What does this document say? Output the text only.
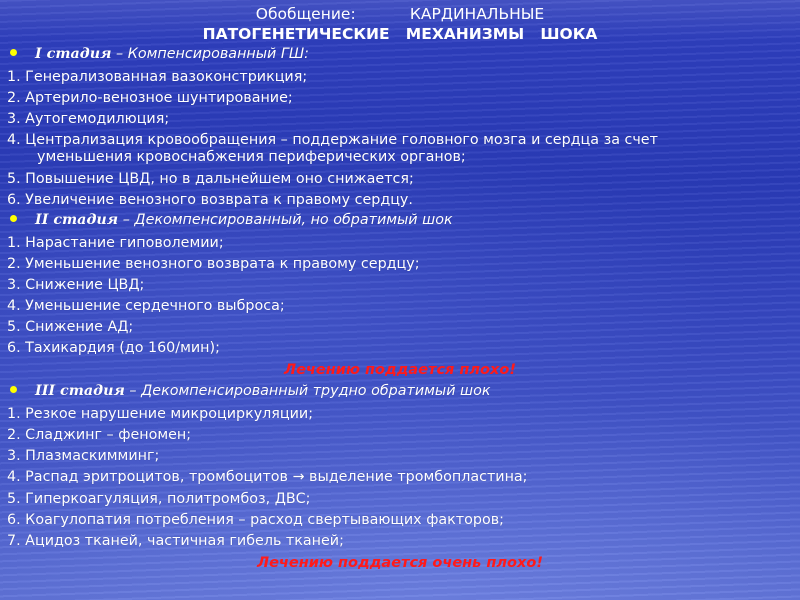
Обобщение:           КАРДИНАЛЬНЫЕ
ПАТОГЕНЕТИЧЕСКИЕ   МЕХАНИЗМЫ   ШОКА
I стадия – Компенсированный ГШ:
1. Генерализованная вазоконстрикция;
2. Артерило-венозное шунтирование;
3. Аутогемодилюция;
4. Централизация кровообращения – поддержание головного мозга и сердца за счет
уменьшения кровоснабжения периферических органов;
5. Повышение ЦВД, но в дальнейшем оно снижается;
6. Увеличение венозного возврата к правому сердцу.
II стадия – Декомпенсированный, но обратимый шок
1. Нарастание гиповолемии;
2. Уменьшение венозного возврата к правому сердцу;
3. Снижение ЦВД;
4. Уменьшение сердечного выброса;
5. Снижение АД;
6. Тахикардия (до 160/мин);
Лечению поддается плохо!
III стадия – Декомпенсированный трудно обратимый шок
1. Резкое нарушение микроциркуляции;
2. Сладжинг – феномен;
3. Плазмаскимминг;
4. Распад эритроцитов, тромбоцитов → выделение тромбопластина;
5. Гиперкоагуляция, политромбоз, ДВС;
6. Коагулопатия потребления – расход свертывающих факторов;
7. Ацидоз тканей, частичная гибель тканей;
Лечению поддается очень плохо!
